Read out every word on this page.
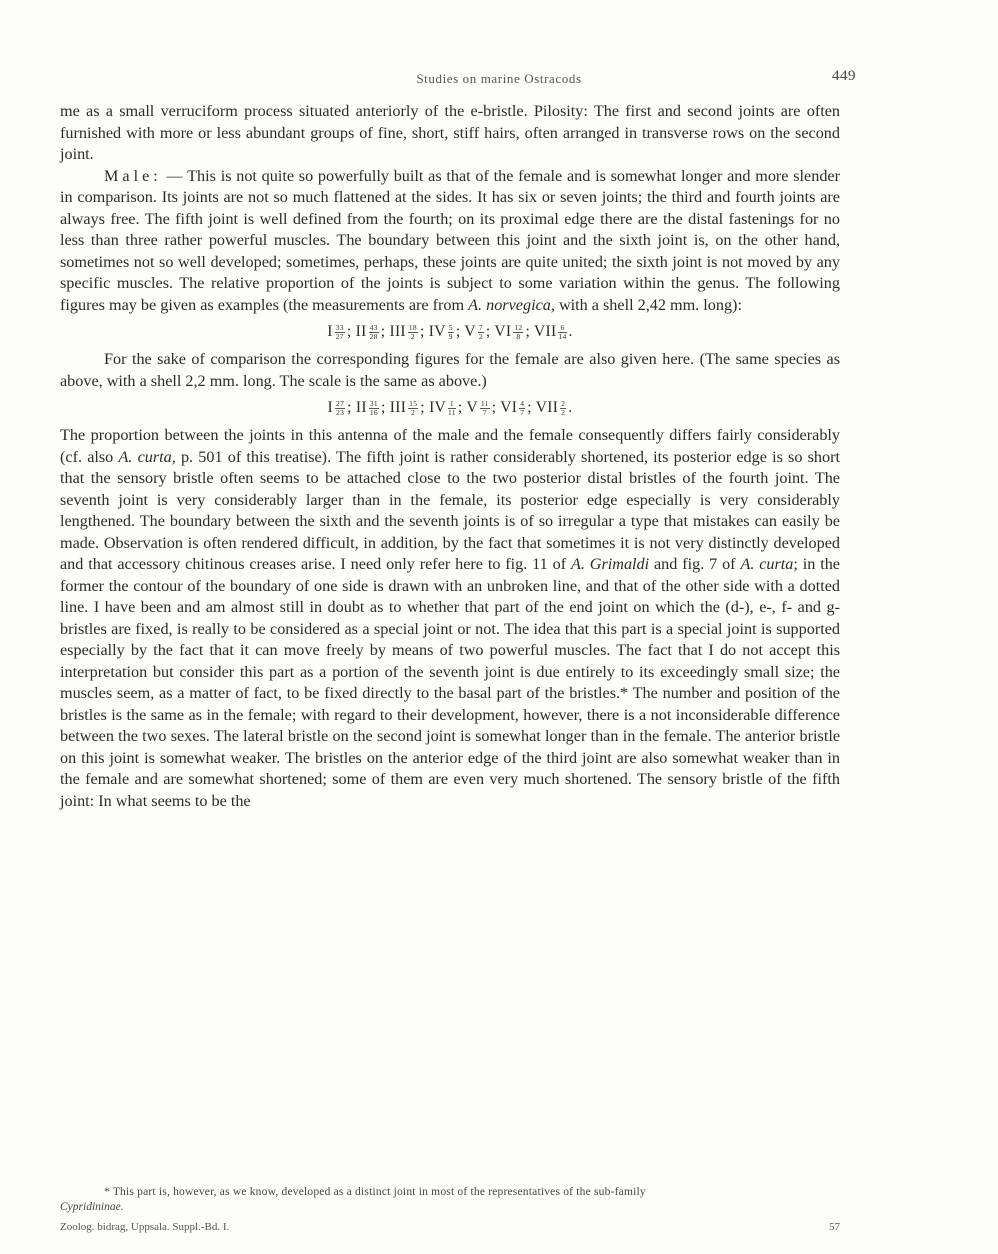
Studies on marine Ostracods	449

me as a small verruciform process situated anteriorly of the e-bristle. Pilosity: The first and second joints are often furnished with more or less abundant groups of fine, short, stiff hairs, often arranged in transverse rows on the second joint.

Male: — This is not quite so powerfully built as that of the female and is somewhat longer and more slender in comparison. Its joints are not so much flattened at the sides. It has six or seven joints; the third and fourth joints are always free. The fifth joint is well defined from the fourth; on its proximal edge there are the distal fastenings for no less than three rather powerful muscles. The boundary between this joint and the sixth joint is, on the other hand, sometimes not so well developed; sometimes, perhaps, these joints are quite united; the sixth joint is not moved by any specific muscles. The relative proportion of the joints is subject to some variation within the genus. The following figures may be given as examples (the measurements are from A. norvegica, with a shell 2,42 mm. long):

I $\frac{33}{27}$ ; II $\frac{43}{28}$ ; III $\frac{18}{2}$ ; IV $\frac{5}{9}$ ; V $\frac{7}{2}$ ; VI $\frac{12}{8}$ ; VII $\frac{6}{14}$ .

For the sake of comparison the corresponding figures for the female are also given here. (The same species as above, with a shell 2,2 mm. long. The scale is the same as above.)

I $\frac{27}{23}$ ; II $\frac{31}{16}$ ; III $\frac{15}{2}$ ; IV $\frac{1}{11}$ ; V $\frac{11}{7}$ ; VI $\frac{4}{7}$ ; VII $\frac{2}{2}$ .

The proportion between the joints in this antenna of the male and the female consequently differs fairly considerably (cf. also A. curta, p. 501 of this treatise). The fifth joint is rather considerably shortened, its posterior edge is so short that the sensory bristle often seems to be attached close to the two posterior distal bristles of the fourth joint. The seventh joint is very considerably larger than in the female, its posterior edge especially is very considerably lengthened. The boundary between the sixth and the seventh joints is of so irregular a type that mistakes can easily be made. Observation is often rendered difficult, in addition, by the fact that sometimes it is not very distinctly developed and that accessory chitinous creases arise. I need only refer here to fig. 11 of A. Grimaldi and fig. 7 of A. curta; in the former the contour of the boundary of one side is drawn with an unbroken line, and that of the other side with a dotted line. I have been and am almost still in doubt as to whether that part of the end joint on which the (d-), e-, f- and g-bristles are fixed, is really to be considered as a special joint or not. The idea that this part is a special joint is supported especially by the fact that it can move freely by means of two powerful muscles. The fact that I do not accept this interpretation but consider this part as a portion of the seventh joint is due entirely to its exceedingly small size; the muscles seem, as a matter of fact, to be fixed directly to the basal part of the bristles.* The number and position of the bristles is the same as in the female; with regard to their development, however, there is a not inconsiderable difference between the two sexes. The lateral bristle on the second joint is somewhat longer than in the female. The anterior bristle on this joint is somewhat weaker. The bristles on the anterior edge of the third joint are also somewhat weaker than in the female and are somewhat shortened; some of them are even very much shortened. The sensory bristle of the fifth joint: In what seems to be the

* This part is, however, as we know, developed as a distinct joint in most of the representatives of the sub-family

Cypridininae.

Zoolog. bidrag, Uppsala. Suppl.-Bd. I.	57
